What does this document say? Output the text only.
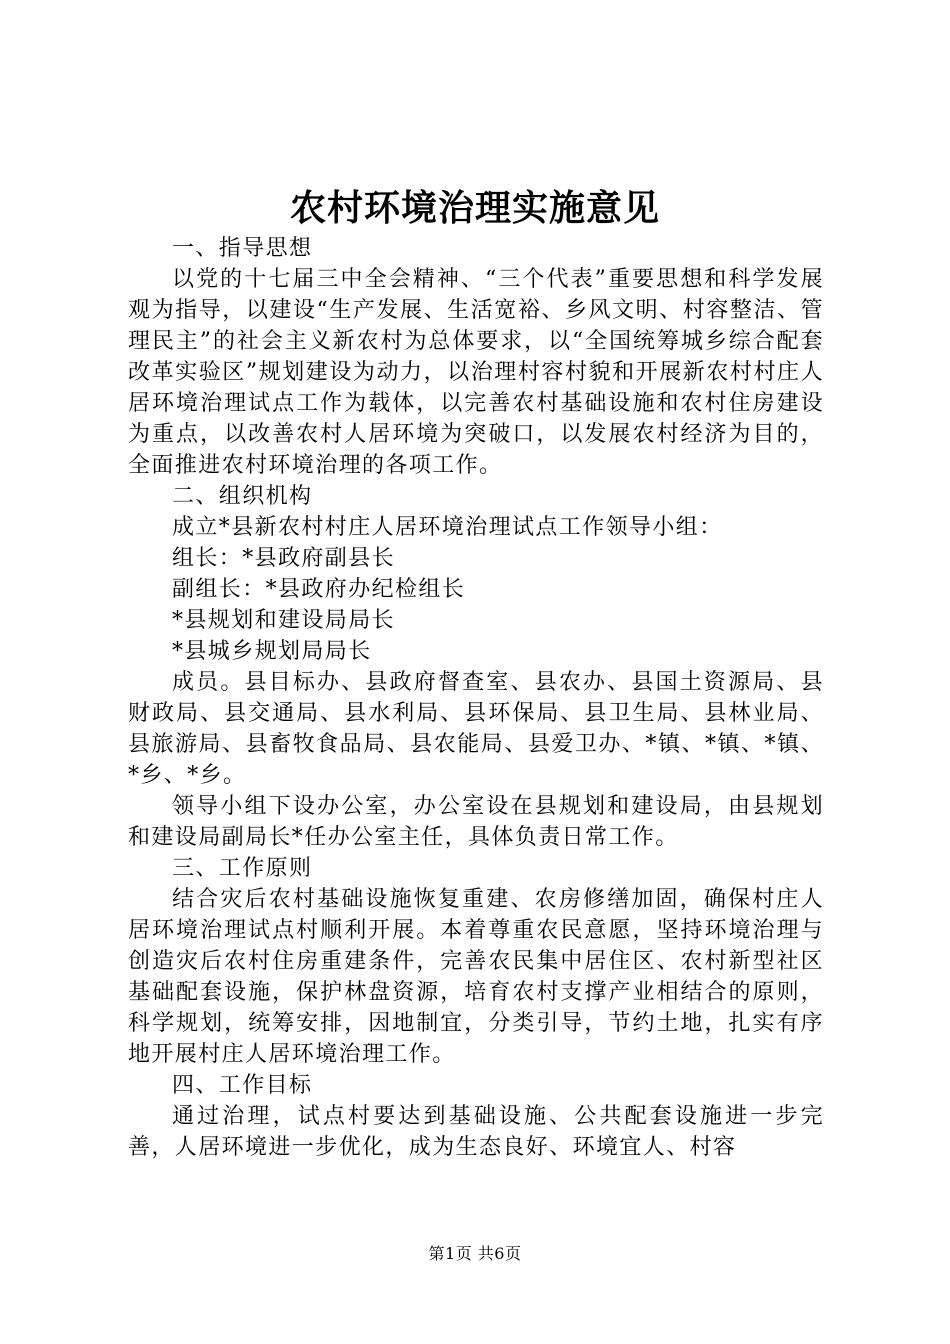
农村环境治理实施意见

一、指导思想

以党的十七届三中全会精神、“三个代表”重要思想和科学发展观为指导，以建设“生产发展、生活宽裕、乡风文明、村容整洁、管理民主”的社会主义新农村为总体要求，以“全国统筹城乡综合配套改革实验区”规划建设为动力，以治理村容村貌和开展新农村村庄人居环境治理试点工作为载体，以完善农村基础设施和农村住房建设为重点，以改善农村人居环境为突破口，以发展农村经济为目的，全面推进农村环境治理的各项工作。

二、组织机构

成立*县新农村村庄人居环境治理试点工作领导小组：

组长：*县政府副县长

副组长：*县政府办纪检组长

*县规划和建设局局长

*县城乡规划局局长

成员。县目标办、县政府督查室、县农办、县国土资源局、县财政局、县交通局、县水利局、县环保局、县卫生局、县林业局、县旅游局、县畜牧食品局、县农能局、县爱卫办、*镇、*镇、*镇、*乡、*乡。

领导小组下设办公室，办公室设在县规划和建设局，由县规划和建设局副局长*任办公室主任，具体负责日常工作。

三、工作原则

结合灾后农村基础设施恢复重建、农房修缮加固，确保村庄人居环境治理试点村顺利开展。本着尊重农民意愿，坚持环境治理与创造灾后农村住房重建条件，完善农民集中居住区、农村新型社区基础配套设施，保护林盘资源，培育农村支撑产业相结合的原则，科学规划，统筹安排，因地制宜，分类引导，节约土地，扎实有序地开展村庄人居环境治理工作。

四、工作目标

通过治理，试点村要达到基础设施、公共配套设施进一步完善，人居环境进一步优化，成为生态良好、环境宜人、村容

第1页 共6页
